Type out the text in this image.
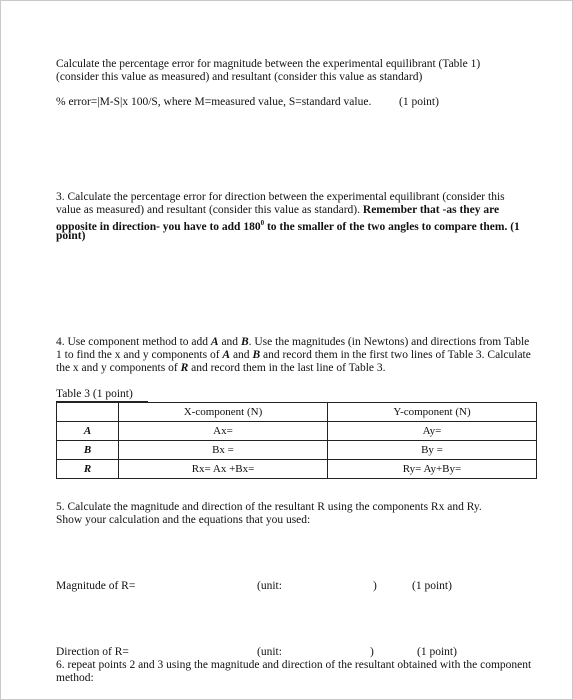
Calculate the percentage error for magnitude between the experimental equilibrant (Table 1)
(consider this value as measured) and resultant (consider this value as standard)
% error=|M-S|x 100/S, where M=measured value, S=standard value. (1 point)
3. Calculate the percentage error for direction between the experimental equilibrant (consider this
value as measured) and resultant (consider this value as standard). Remember that -as they are
opposite in direction- you have to add $180^0$ to the smaller of the two angles to compare them. (1
point)
4. Use component method to add A and B. Use the magnitudes (in Newtons) and directions from Table
1 to find the x and y components of A and B and record them in the first two lines of Table 3. Calculate
the x and y components of R and record them in the last line of Table 3.
Table 3 (1 point)
	X-component (N)	Y-component (N)
A	Ax=	Ay=
B	Bx =	By =
R	Rx= Ax +Bx=	Ry= Ay+By=
5. Calculate the magnitude and direction of the resultant R using the components Rx and Ry.
Show your calculation and the equations that you used:
Magnitude of R=	(unit:	)	(1 point)
Direction of R=	(unit:	)	(1 point)
6. repeat points 2 and 3 using the magnitude and direction of the resultant obtained with the component
method:
